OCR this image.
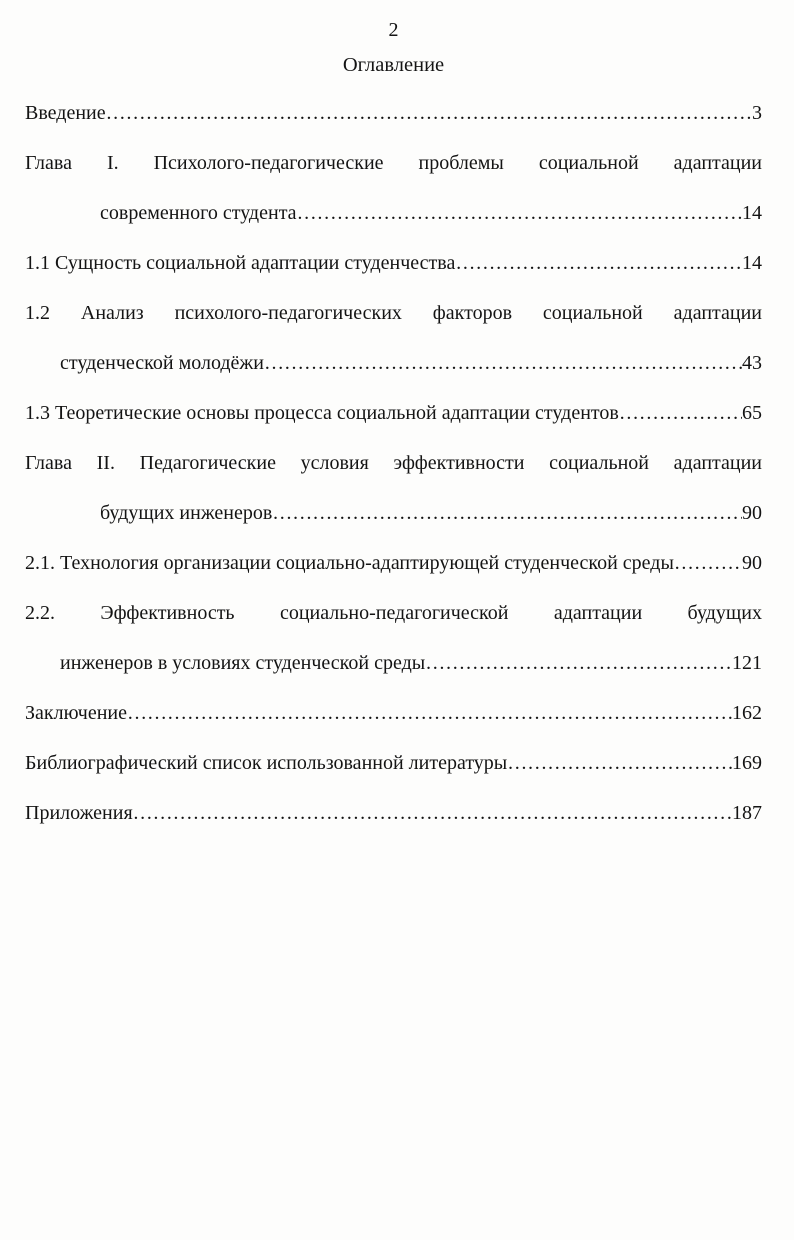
2
Оглавление
Введение ……………………………………………………………………………………………………………………………………………………………………………………………………………………	3
Глава I. Психолого-педагогические проблемы социальной адаптации
современного студента ……………………………………………………………………………………………………………………………………………………………………………………………………………………	14
1.1 Сущность социальной адаптации студенчества ……………………………………………………………………………………………………………………………………………………………………………………………………………………	14
1.2 Анализ психолого-педагогических факторов социальной адаптации
студенческой молодёжи ……………………………………………………………………………………………………………………………………………………………………………………………………………………	43
1.3 Теоретические основы процесса социальной адаптации студентов ……………………………………………………………………………………………………………………………………………………………………………………………………………………	65
Глава II. Педагогические условия эффективности социальной адаптации
будущих инженеров ……………………………………………………………………………………………………………………………………………………………………………………………………………………	90
2.1. Технология организации социально-адаптирующей студенческой среды ……………………………………………………………………………………………………………………………………………………………………………………………………………………	90
2.2. Эффективность социально-педагогической адаптации будущих
инженеров в условиях студенческой среды ……………………………………………………………………………………………………………………………………………………………………………………………………………………	121
Заключение ……………………………………………………………………………………………………………………………………………………………………………………………………………………	162
Библиографический список использованной литературы ……………………………………………………………………………………………………………………………………………………………………………………………………………………	169
Приложения ……………………………………………………………………………………………………………………………………………………………………………………………………………………	187
